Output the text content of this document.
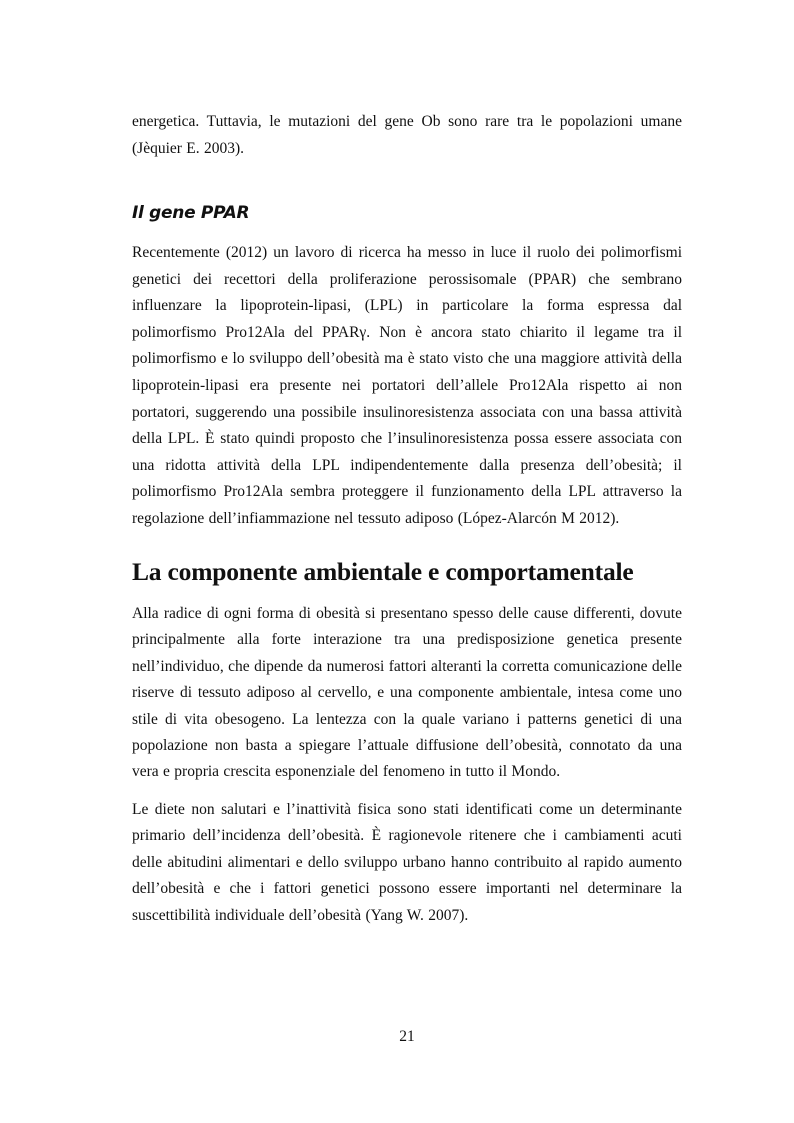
energetica. Tuttavia, le mutazioni del gene Ob sono rare tra le popolazioni umane (Jèquier E. 2003).

Il gene PPAR

Recentemente (2012) un lavoro di ricerca ha messo in luce il ruolo dei polimorfismi genetici dei recettori della proliferazione perossisomale (PPAR) che sembrano influenzare la lipoprotein-lipasi, (LPL) in particolare la forma espressa dal polimorfismo Pro12Ala del PPARγ. Non è ancora stato chiarito il legame tra il polimorfismo e lo sviluppo dell’obesità ma è stato visto che una maggiore attività della lipoprotein-lipasi era presente nei portatori dell’allele Pro12Ala rispetto ai non portatori, suggerendo una possibile insulinoresistenza associata con una bassa attività della LPL. È stato quindi proposto che l’insulinoresistenza possa essere associata con una ridotta attività della LPL indipendentemente dalla presenza dell’obesità; il polimorfismo Pro12Ala sembra proteggere il funzionamento della LPL attraverso la regolazione dell’infiammazione nel tessuto adiposo (López-Alarcón M 2012).

La componente ambientale e comportamentale

Alla radice di ogni forma di obesità si presentano spesso delle cause differenti, dovute principalmente alla forte interazione tra una predisposizione genetica presente nell’individuo, che dipende da numerosi fattori alteranti la corretta comunicazione delle riserve di tessuto adiposo al cervello, e una componente ambientale, intesa come uno stile di vita obesogeno. La lentezza con la quale variano i patterns genetici di una popolazione non basta a spiegare l’attuale diffusione dell’obesità, connotato da una vera e propria crescita esponenziale del fenomeno in tutto il Mondo.

Le diete non salutari e l’inattività fisica sono stati identificati come un determinante primario dell’incidenza dell’obesità. È ragionevole ritenere che i cambiamenti acuti delle abitudini alimentari e dello sviluppo urbano hanno contribuito al rapido aumento dell’obesità e che i fattori genetici possono essere importanti nel determinare la suscettibilità individuale dell’obesità (Yang W. 2007).

21
